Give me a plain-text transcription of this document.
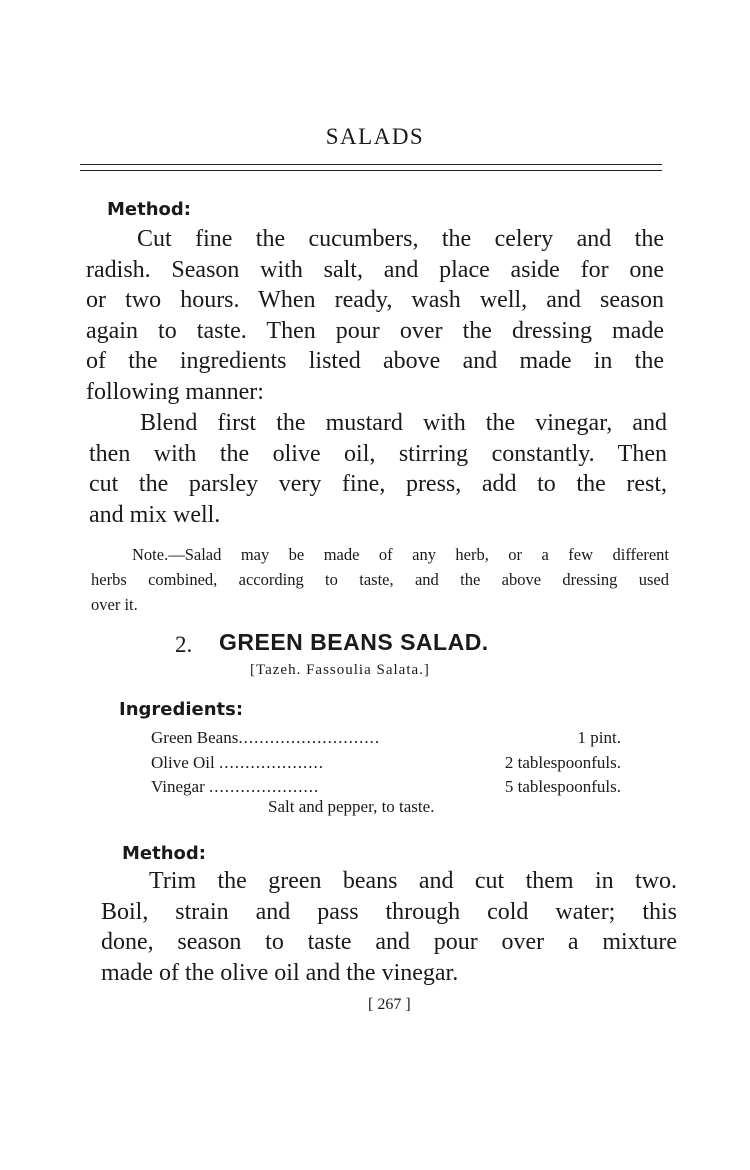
SALADS
Method:
Cut fine the cucumbers, the celery and the
radish. Season with salt, and place aside for one
or two hours. When ready, wash well, and season
again to taste. Then pour over the dressing made
of the ingredients listed above and made in the
following manner:
Blend first the mustard with the vinegar, and
then with the olive oil, stirring constantly. Then
cut the parsley very fine, press, add to the rest,
and mix well.
Note.—Salad may be made of any herb, or a few different
herbs combined, according to taste, and the above dressing used
over it.
2. GREEN BEANS SALAD.
[Tazeh. Fassoulia Salata.]
Ingredients:
Green Beans...........................	1 pint.
Olive Oil ....................	2 tablespoonfuls.
Vinegar .....................	5 tablespoonfuls.
Salt and pepper, to taste.
Method:
Trim the green beans and cut them in two.
Boil, strain and pass through cold water; this
done, season to taste and pour over a mixture
made of the olive oil and the vinegar.
[ 267 ]
